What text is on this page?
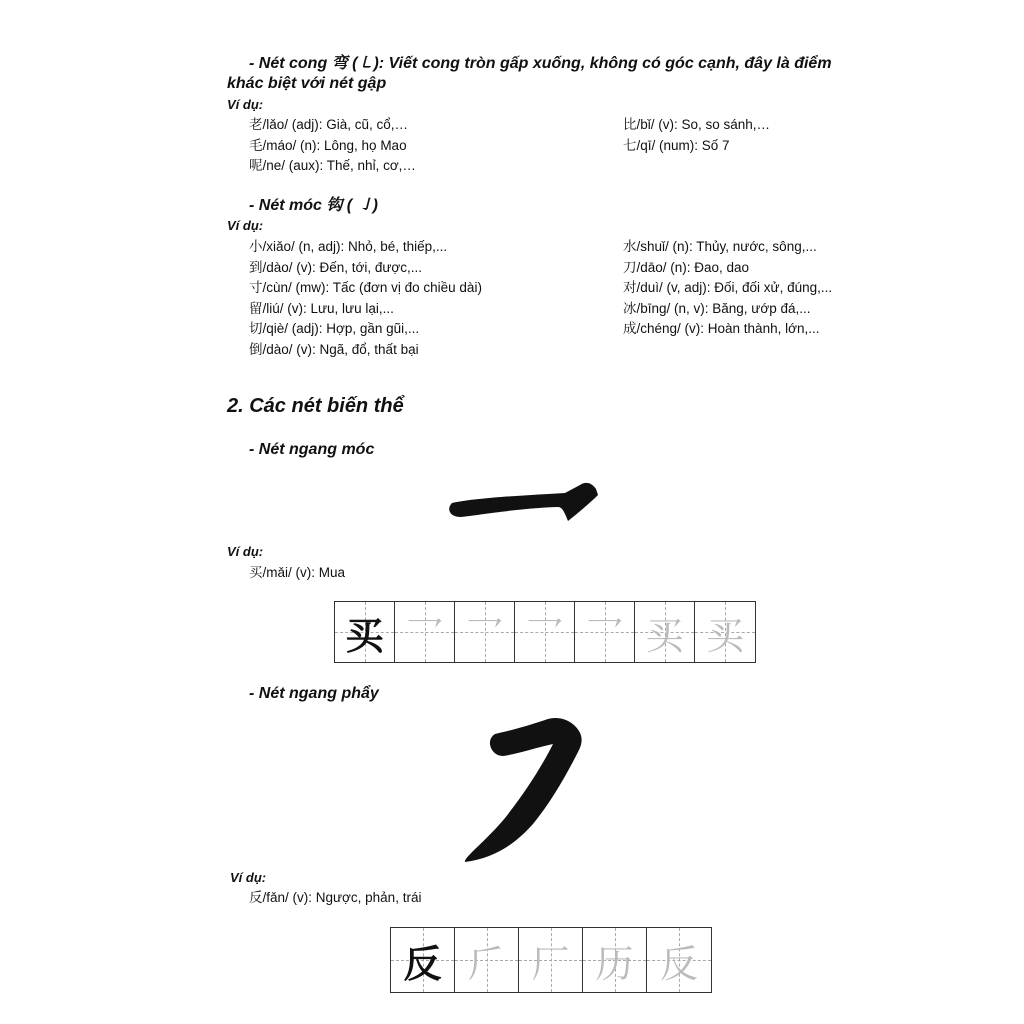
- Nét cong 弯 (㇄): Viết cong tròn gấp xuống, không có góc cạnh, đây là điểm
khác biệt với nét gập
Ví dụ:
老/lǎo/ (adj): Già, cũ, cổ,…
毛/máo/ (n): Lông, họ Mao
呢/ne/ (aux): Thế, nhỉ, cơ,…
比/bǐ/ (v): So, so sánh,…
七/qī/ (num): Số 7
- Nét móc 钩 ( ㇚)
Ví dụ:
小/xiǎo/ (n, adj): Nhỏ, bé, thiếp,...
到/dào/ (v): Đến, tới, được,...
寸/cùn/ (mw): Tấc (đơn vị đo chiều dài)
留/liú/ (v): Lưu, lưu lại,...
切/qiè/ (adj): Hợp, gần gũi,...
倒/dào/ (v): Ngã, đổ, thất bại
水/shuǐ/ (n): Thủy, nước, sông,...
刀/dāo/ (n): Đao, dao
对/duì/ (v, adj): Đối, đối xử, đúng,...
冰/bīng/ (n, v): Băng, ướp đá,...
成/chéng/ (v): Hoàn thành, lớn,...
2. Các nét biến thể
- Nét ngang móc
Ví dụ:
买/mǎi/ (v): Mua
买 乛 乛 乛 乛 买 买
- Nét ngang phẩy
Ví dụ:
反/fǎn/ (v): Ngược, phản, trái
反 𠂆 厂 历 反
